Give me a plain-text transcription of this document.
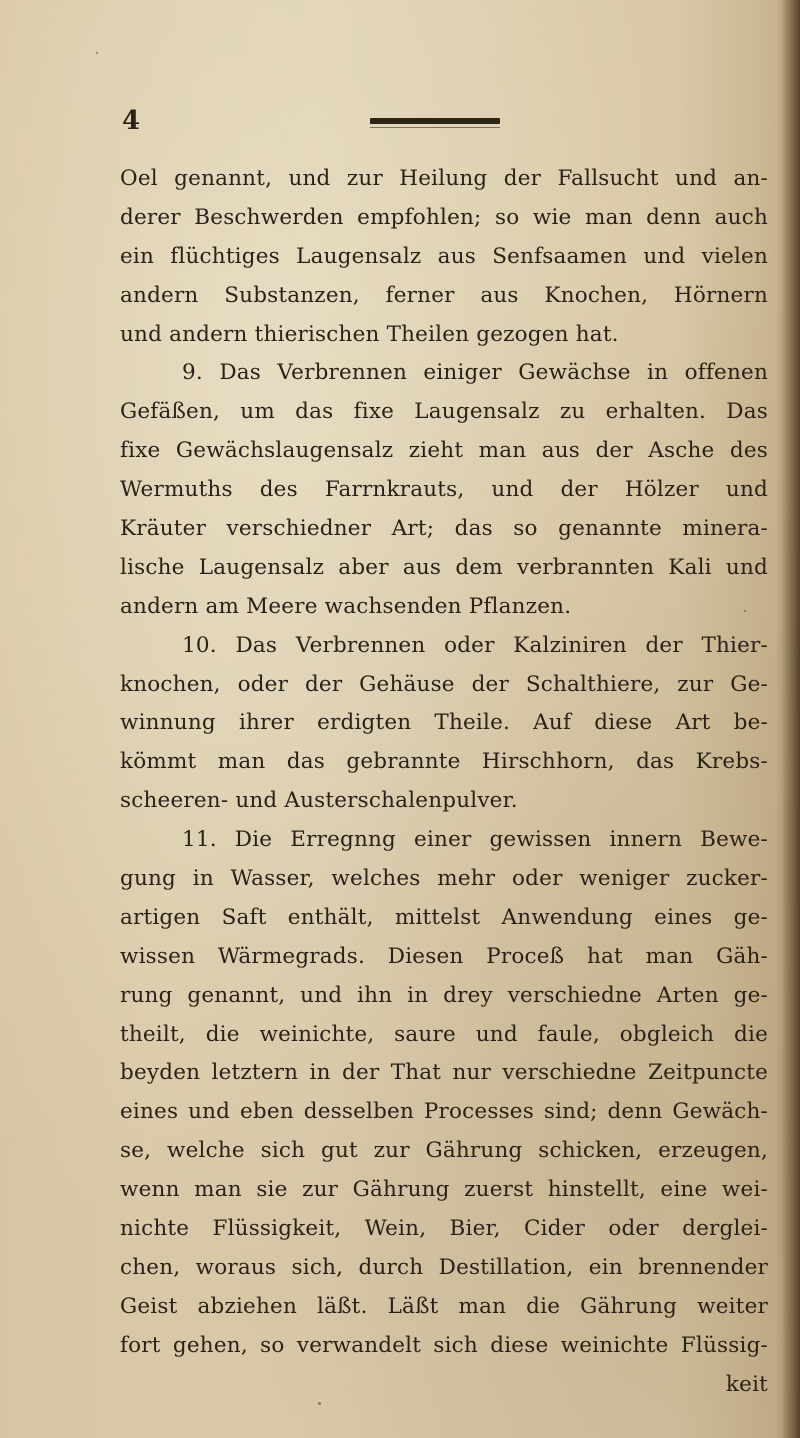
4
Oel genannt, und zur Heilung der Fallsucht und an-
derer Beschwerden empfohlen; so wie man denn auch
ein flüchtiges Laugensalz aus Senfsaamen und vielen
andern Substanzen, ferner aus Knochen, Hörnern
und andern thierischen Theilen gezogen hat.
9. Das Verbrennen einiger Gewächse in offenen
Gefäßen, um das fixe Laugensalz zu erhalten. Das
fixe Gewächslaugensalz zieht man aus der Asche des
Wermuths des Farrnkrauts, und der Hölzer und
Kräuter verschiedner Art; das so genannte minera-
lische Laugensalz aber aus dem verbrannten Kali und
andern am Meere wachsenden Pflanzen.
10. Das Verbrennen oder Kalziniren der Thier-
knochen, oder der Gehäuse der Schalthiere, zur Ge-
winnung ihrer erdigten Theile. Auf diese Art be-
kömmt man das gebrannte Hirschhorn, das Krebs-
scheeren- und Austerschalenpulver.
11. Die Erregnng einer gewissen innern Bewe-
gung in Wasser, welches mehr oder weniger zucker-
artigen Saft enthält, mittelst Anwendung eines ge-
wissen Wärmegrads. Diesen Proceß hat man Gäh-
rung genannt, und ihn in drey verschiedne Arten ge-
theilt, die weinichte, saure und faule, obgleich die
beyden letztern in der That nur verschiedne Zeitpuncte
eines und eben desselben Processes sind; denn Gewäch-
se, welche sich gut zur Gährung schicken, erzeugen,
wenn man sie zur Gährung zuerst hinstellt, eine wei-
nichte Flüssigkeit, Wein, Bier, Cider oder derglei-
chen, woraus sich, durch Destillation, ein brennender
Geist abziehen läßt. Läßt man die Gährung weiter
fort gehen, so verwandelt sich diese weinichte Flüssig-
keit
